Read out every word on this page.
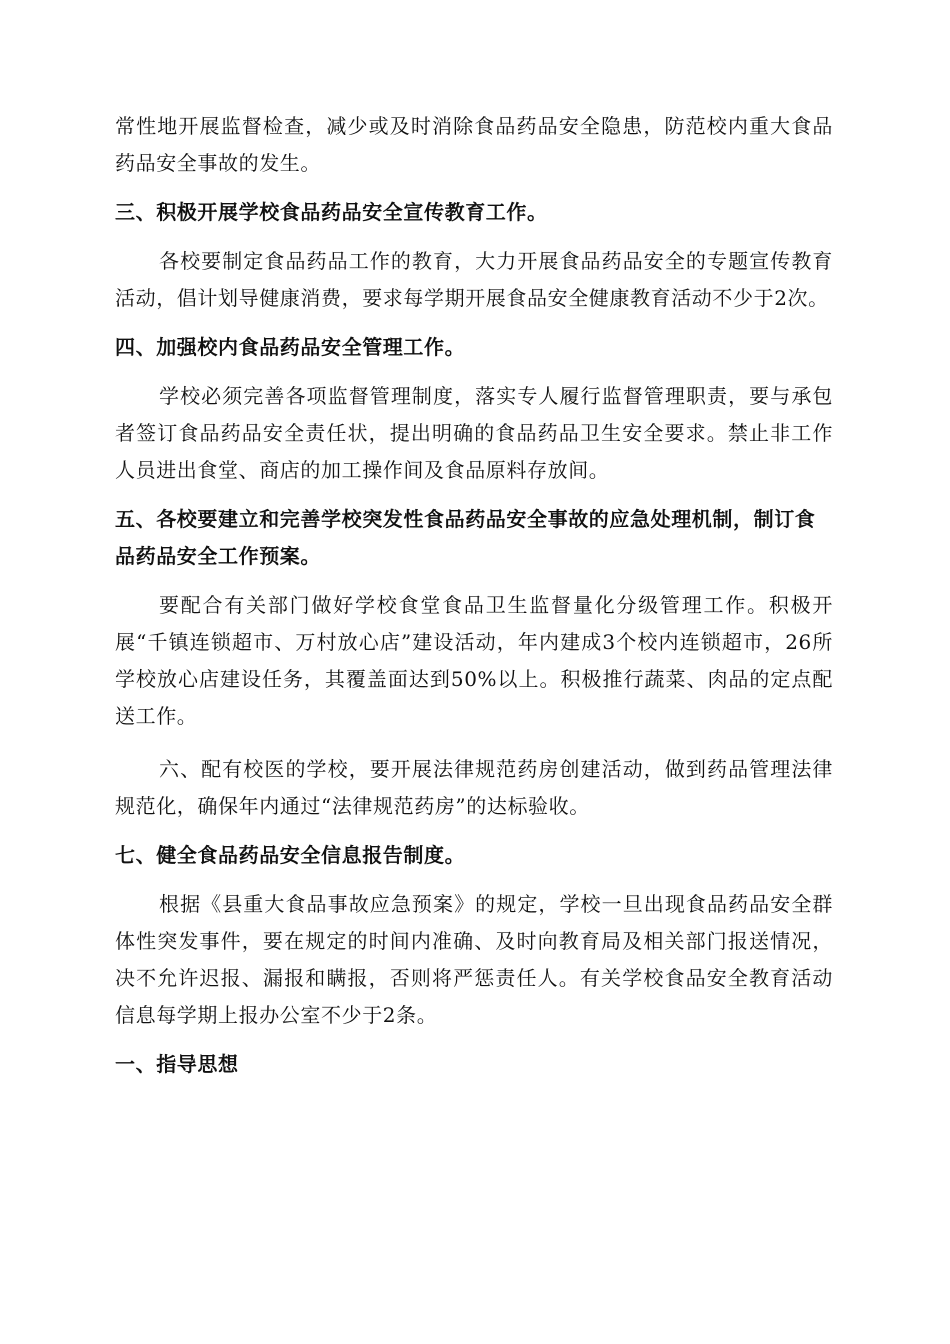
常性地开展监督检查，减少或及时消除食品药品安全隐患，防范校内重大食品药品安全事故的发生。

三、积极开展学校食品药品安全宣传教育工作。

各校要制定食品药品工作的教育，大力开展食品药品安全的专题宣传教育活动，倡计划导健康消费，要求每学期开展食品安全健康教育活动不少于2次。

四、加强校内食品药品安全管理工作。

学校必须完善各项监督管理制度，落实专人履行监督管理职责，要与承包者签订食品药品安全责任状，提出明确的食品药品卫生安全要求。禁止非工作人员进出食堂、商店的加工操作间及食品原料存放间。

五、各校要建立和完善学校突发性食品药品安全事故的应急处理机制，制订食品药品安全工作预案。

要配合有关部门做好学校食堂食品卫生监督量化分级管理工作。积极开展“千镇连锁超市、万村放心店”建设活动，年内建成3个校内连锁超市，26所学校放心店建设任务，其覆盖面达到50%以上。积极推行蔬菜、肉品的定点配送工作。

六、配有校医的学校，要开展法律规范药房创建活动，做到药品管理法律规范化，确保年内通过“法律规范药房”的达标验收。

七、健全食品药品安全信息报告制度。

根据《县重大食品事故应急预案》的规定，学校一旦出现食品药品安全群体性突发事件，要在规定的时间内准确、及时向教育局及相关部门报送情况，决不允许迟报、漏报和瞒报，否则将严惩责任人。有关学校食品安全教育活动信息每学期上报办公室不少于2条。

一、指导思想
